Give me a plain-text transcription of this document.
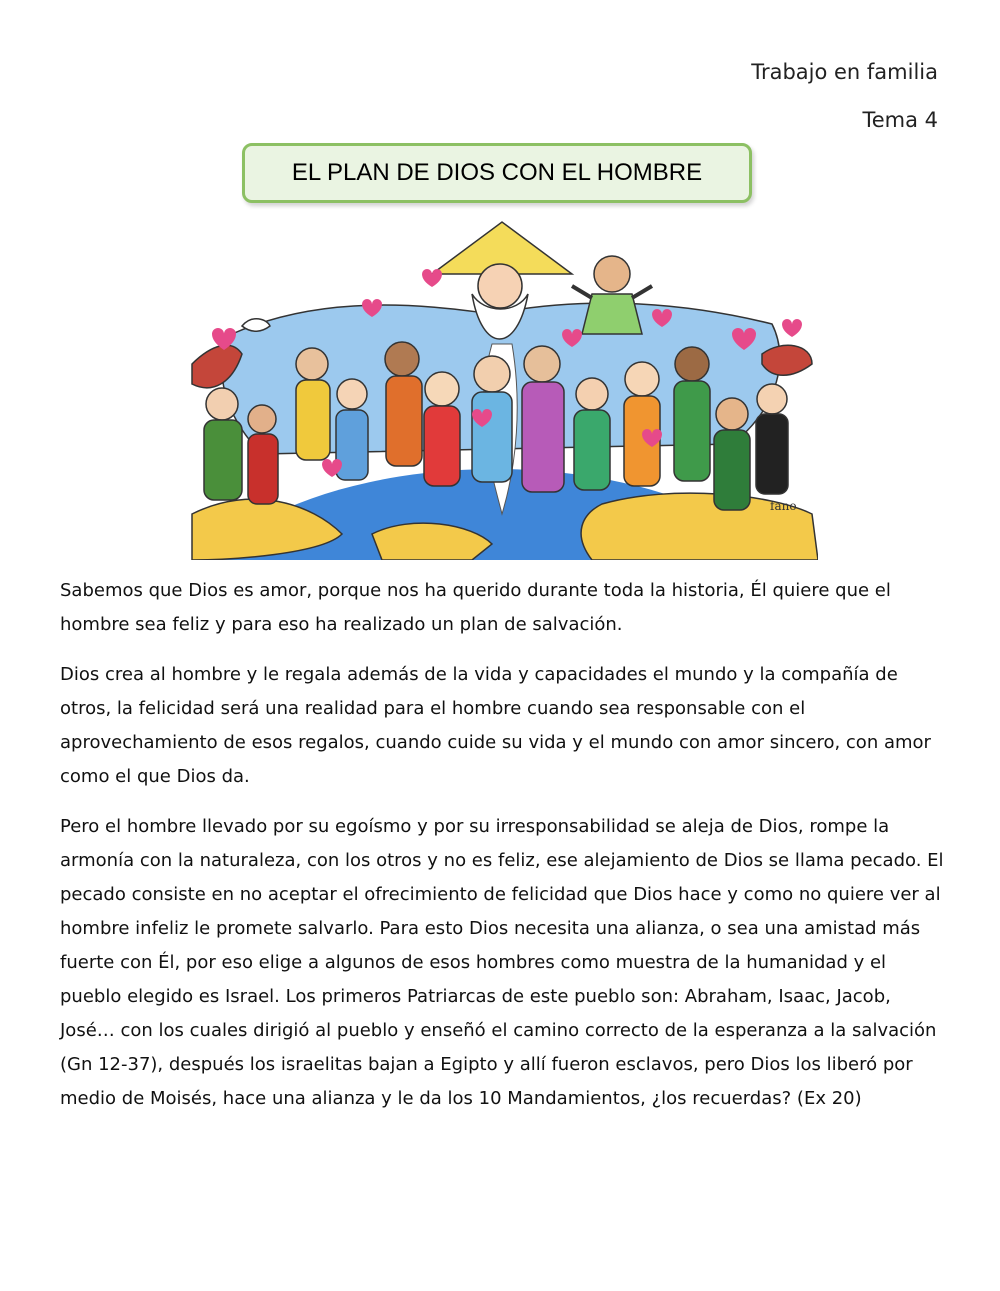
Trabajo en familia
Tema 4
EL PLAN DE DIOS CON EL HOMBRE
fano
Sabemos que Dios es amor, porque nos ha querido durante toda la historia, Él quiere que el hombre sea feliz y para eso ha realizado un plan de salvación.
Dios crea al hombre y le regala además de la vida y capacidades el mundo y la compañía de otros, la felicidad será una realidad para el hombre cuando sea responsable con el aprovechamiento de esos regalos, cuando cuide su vida y el mundo con amor sincero, con amor como el que Dios da.
Pero el hombre llevado por su egoísmo y por su irresponsabilidad se aleja de Dios, rompe la armonía con la naturaleza, con los otros y no es feliz, ese alejamiento de Dios se llama pecado. El pecado consiste en no aceptar el ofrecimiento de felicidad que Dios hace y como no quiere ver al hombre infeliz le promete salvarlo. Para esto Dios necesita una alianza, o sea una amistad más fuerte con Él, por eso elige a algunos de esos hombres como muestra de la humanidad y el pueblo elegido es Israel. Los primeros Patriarcas de este pueblo son: Abraham, Isaac, Jacob, José… con los cuales dirigió al pueblo y enseñó el camino correcto de la esperanza a la salvación (Gn 12-37), después los israelitas bajan a Egipto y allí fueron esclavos, pero Dios los liberó por medio de Moisés, hace una alianza y le da los 10 Mandamientos, ¿los recuerdas? (Ex 20)
